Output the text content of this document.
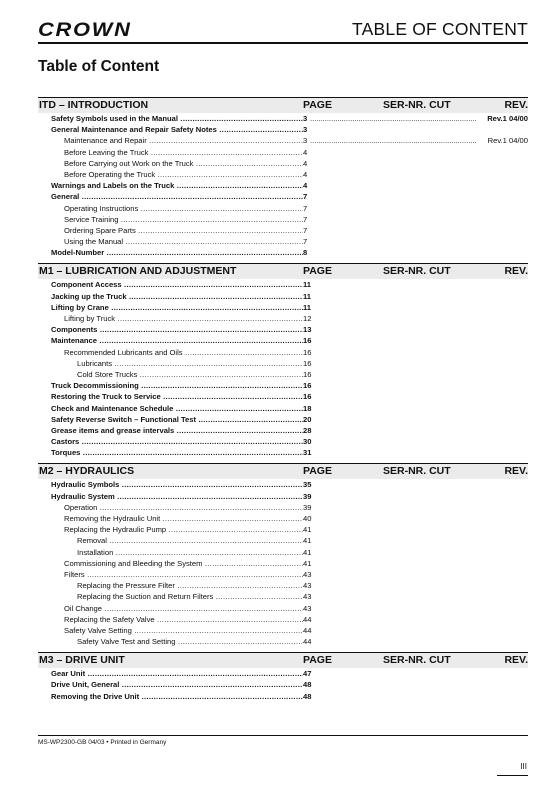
CROWN	TABLE OF CONTENT
Table of Content
ITD – INTRODUCTION	PAGE	SER-NR. CUT	REV.
Safety Symbols used in the Manual .....	3 .....	Rev.1 04/00
General Maintenance and Repair Safety Notes .....	3
Maintenance and Repair .....	3 .....	Rev.1 04/00
Before Leaving the Truck .....	4
Before Carrying out Work on the Truck .....	4
Before Operating the Truck .....	4
Warnings and Labels on the Truck .....	4
General .....	7
Operating Instructions .....	7
Service Training .....	7
Ordering Spare Parts .....	7
Using the Manual .....	7
Model-Number .....	8
M1 – LUBRICATION AND ADJUSTMENT	PAGE	SER-NR. CUT	REV.
Component Access .....	11
Jacking up the Truck .....	11
Lifting by Crane .....	11
Lifting by Truck .....	12
Components .....	13
Maintenance .....	16
Recommended Lubricants and Oils .....	16
Lubricants .....	16
Cold Store Trucks .....	16
Truck Decommissioning .....	16
Restoring the Truck to Service .....	16
Check and Maintenance Schedule .....	18
Safety Reverse Switch – Functional Test .....	20
Grease items and grease intervals .....	28
Castors .....	30
Torques .....	31
M2 – HYDRAULICS	PAGE	SER-NR. CUT	REV.
Hydraulic Symbols .....	35
Hydraulic System .....	39
Operation .....	39
Removing the Hydraulic Unit .....	40
Replacing the Hydraulic Pump .....	41
Removal .....	41
Installation .....	41
Commissioning and Bleeding the System .....	41
Filters .....	43
Replacing the Pressure Filter .....	43
Replacing the Suction and Return Filters .....	43
Oil Change .....	43
Replacing the Safety Valve .....	44
Safety Valve Setting .....	44
Safety Valve Test and Setting .....	44
M3 – DRIVE UNIT	PAGE	SER-NR. CUT	REV.
Gear Unit .....	47
Drive Unit, General .....	48
Removing the Drive Unit .....	48
MS-WP2300-GB 04/03 • Printed in Germany
III
